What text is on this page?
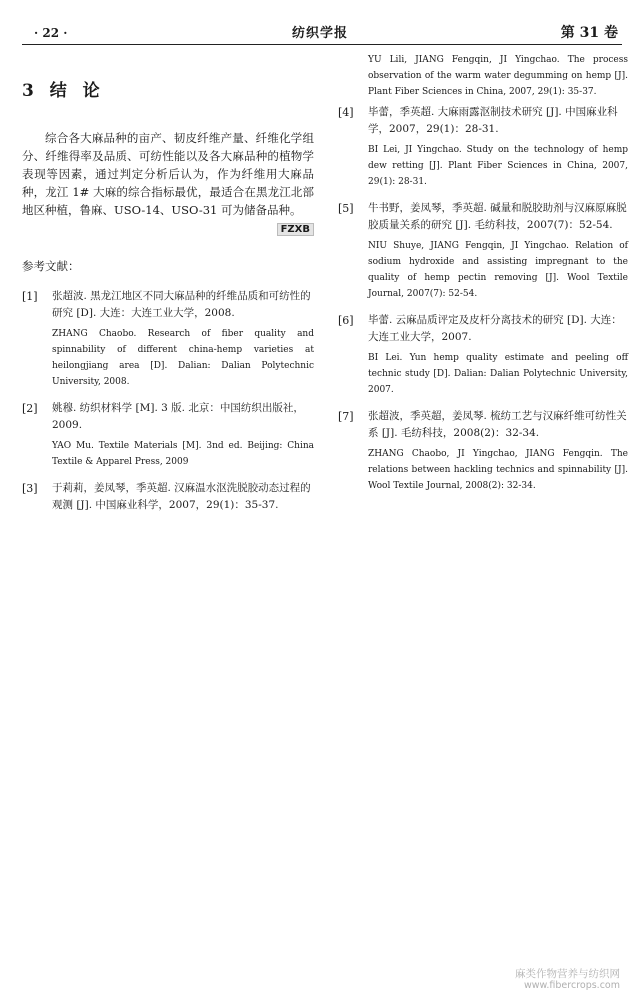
· 22 ·	纺织学报	第 31 卷
3 结 论

综合各大麻品种的亩产、韧皮纤维产量、纤维化学组分、纤维得率及品质、可纺性能以及各大麻品种的植物学表现等因素，通过判定分析后认为，作为纤维用大麻品种，龙江 1# 大麻的综合指标最优，最适合在黑龙江北部地区种植，鲁麻、USO-14、USO-31 可为储备品种。

FZXB
参考文献：
[1]	张超波. 黑龙江地区不同大麻品种的纤维品质和可纺性的研究 [D]. 大连：大连工业大学，2008.

ZHANG Chaobo. Research of fiber quality and spinnability of different china-hemp varieties at heilongjiang area [D]. Dalian: Dalian Polytechnic University, 2008.

[2]	姚穆. 纺织材料学 [M]. 3 版. 北京：中国纺织出版社，2009.

YAO Mu. Textile Materials [M]. 3nd ed. Beijing: China Textile & Apparel Press, 2009

[3]	于莉莉，姜凤琴，季英超. 汉麻温水沤洗脱胶动态过程的观测 [J]. 中国麻业科学，2007，29(1)：35-37.

YU Lili, JIANG Fengqin, JI Yingchao. The process observation of the warm water degumming on hemp [J]. Plant Fiber Sciences in China, 2007, 29(1): 35-37.

[4]	毕蕾，季英超. 大麻雨露沤制技术研究 [J]. 中国麻业科学，2007，29(1)：28-31.

BI Lei, JI Yingchao. Study on the technology of hemp dew retting [J]. Plant Fiber Sciences in China, 2007, 29(1): 28-31.

[5]	牛书野，姜凤琴，季英超. 碱量和脱胶助剂与汉麻原麻脱胶质量关系的研究 [J]. 毛纺科技，2007(7)：52-54.

NIU Shuye, JIANG Fengqin, JI Yingchao. Relation of sodium hydroxide and assisting impregnant to the quality of hemp pectin removing [J]. Wool Textile Journal, 2007(7): 52-54.

[6]	毕蕾. 云麻品质评定及皮杆分离技术的研究 [D]. 大连：大连工业大学，2007.

BI Lei. Yun hemp quality estimate and peeling off technic study [D]. Dalian: Dalian Polytechnic University, 2007.

[7]	张超波，季英超，姜凤琴. 梳纺工艺与汉麻纤维可纺性关系 [J]. 毛纺科技，2008(2)：32-34.

ZHANG Chaobo, JI Yingchao, JIANG Fengqin. The relations between hackling technics and spinnability [J]. Wool Textile Journal, 2008(2): 32-34.

麻类作物营养与纺织网
www.fibercrops.com
